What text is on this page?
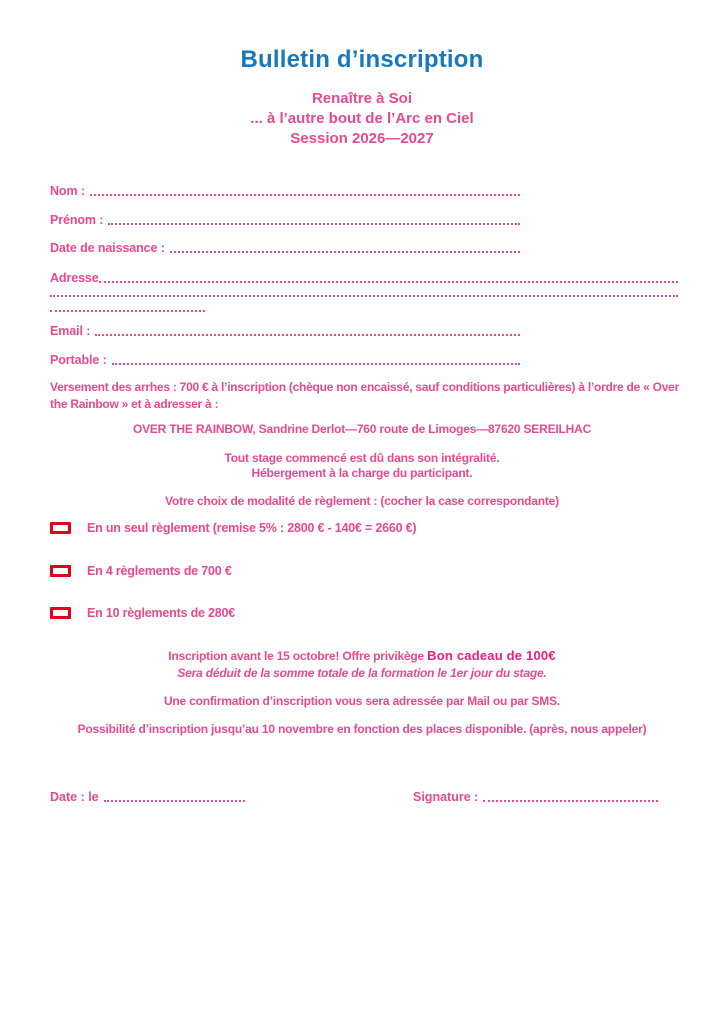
Bulletin d’inscription
Renaître à Soi
... à l’autre bout de l’Arc en Ciel
Session 2026—2027
Nom :
Prénom :
Date de naissance :
Adresse
Email :
Portable :
Versement des arrhes : 700 € à l’inscription (chèque non encaissé, sauf conditions particulières) à l’ordre de « Over the Rainbow » et à adresser à :
OVER THE RAINBOW, Sandrine Derlot—760 route de Limoges—87620 SEREILHAC
Tout stage commencé est dû dans son intégralité.
Hébergement à la charge du participant.
Votre choix de modalité de règlement : (cocher la case correspondante)
En un seul règlement (remise 5% : 2800 € - 140€ = 2660 €)
En 4 règlements de 700 €
En 10 règlements de 280€
Inscription avant le 15 octobre! Offre privikège Bon cadeau de 100€
Sera déduit de la somme totale de la formation le 1er jour du stage.
Une confirmation d’inscription vous sera adressée par Mail ou par SMS.
Possibilité d’inscription jusqu’au 10 novembre en fonction des places disponible. (après, nous appeler)
Date : le	Signature :
